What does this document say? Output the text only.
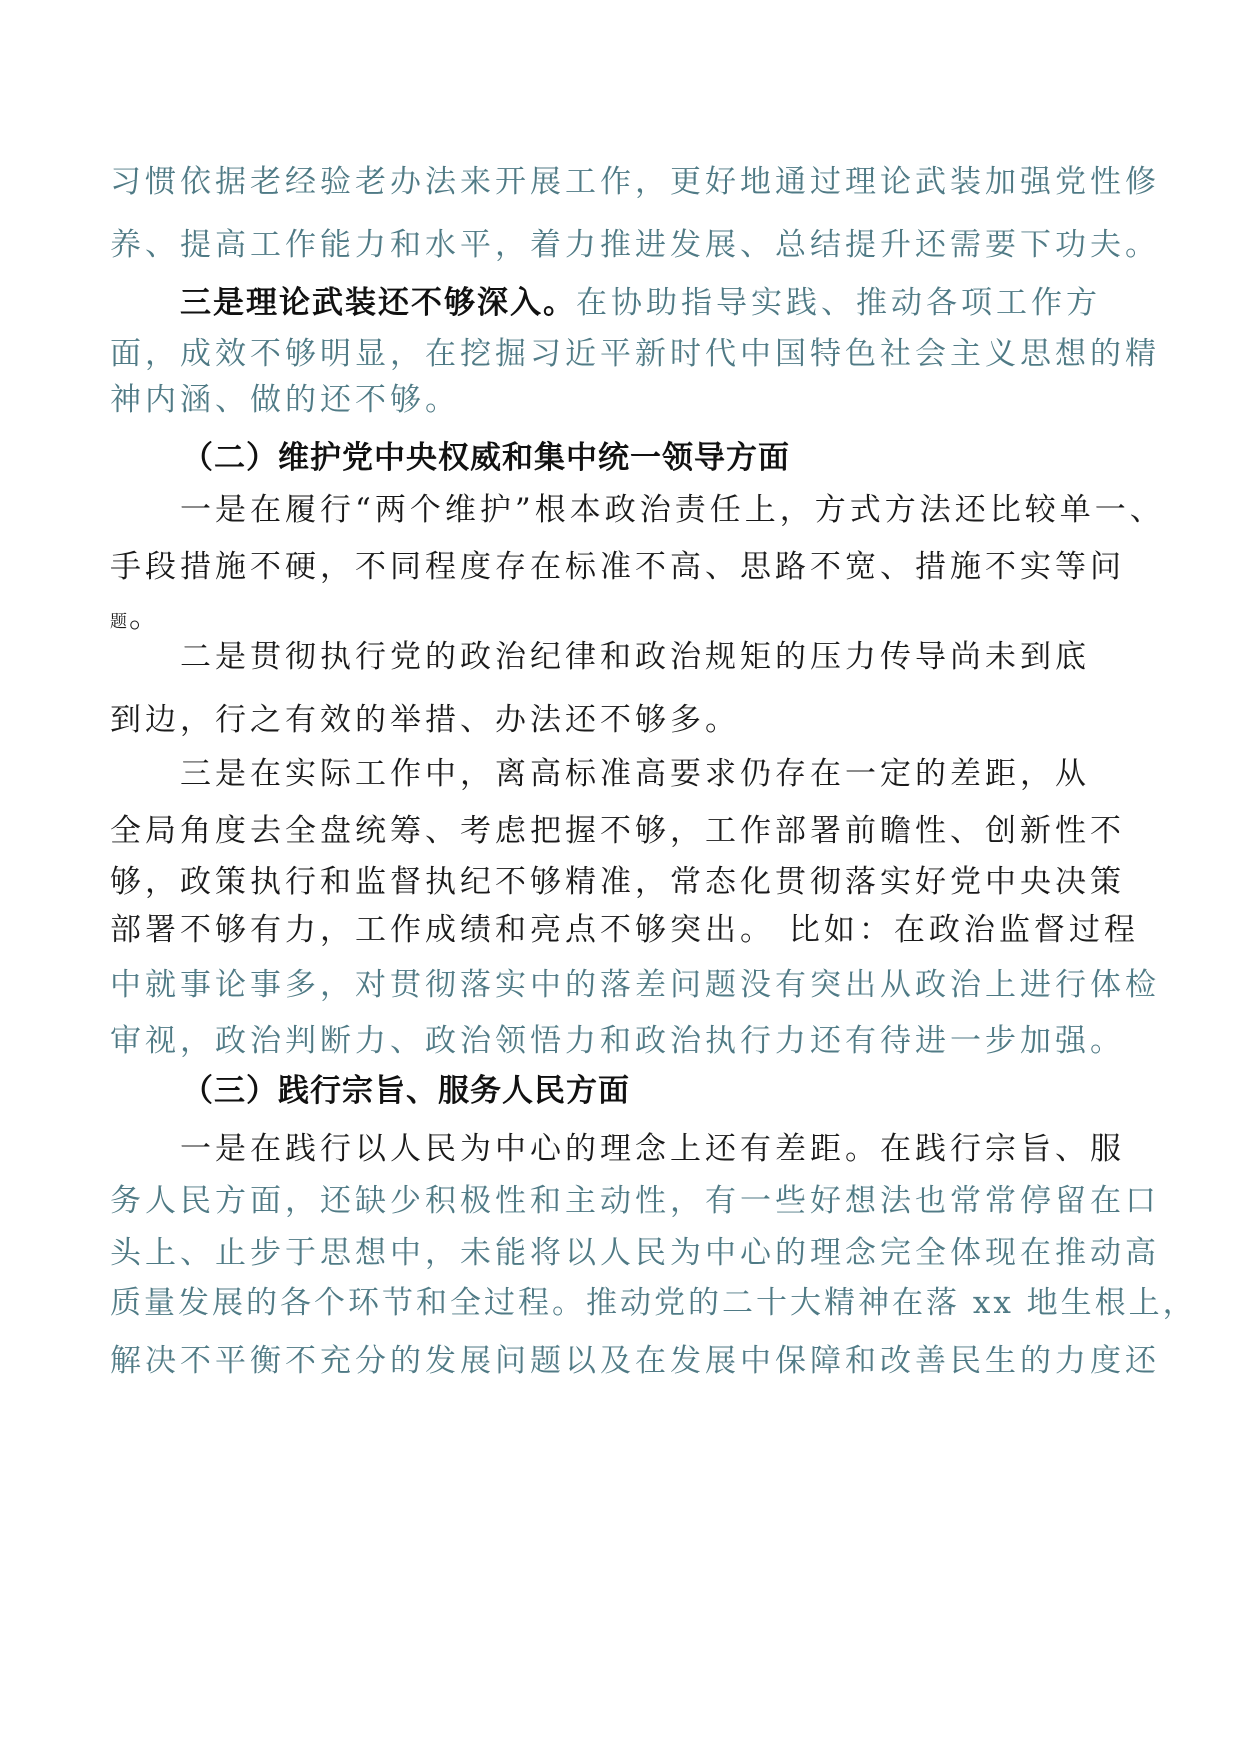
习惯依据老经验老办法来开展工作，更好地通过理论武装加强党性修
养、提高工作能力和水平，着力推进发展、总结提升还需要下功夫。
三是理论武装还不够深入。在协助指导实践、推动各项工作方
面，成效不够明显，在挖掘习近平新时代中国特色社会主义思想的精
神内涵、做的还不够。
（二）维护党中央权威和集中统一领导方面
一是在履行“两个维护”根本政治责任上，方式方法还比较单一、
手段措施不硬，不同程度存在标准不高、思路不宽、措施不实等问
题。
二是贯彻执行党的政治纪律和政治规矩的压力传导尚未到底
到边，行之有效的举措、办法还不够多。
三是在实际工作中，离高标准高要求仍存在一定的差距，从
全局角度去全盘统筹、考虑把握不够，工作部署前瞻性、创新性不
够，政策执行和监督执纪不够精准，常态化贯彻落实好党中央决策
部署不够有力，工作成绩和亮点不够突出。 比如：在政治监督过程
中就事论事多，对贯彻落实中的落差问题没有突出从政治上进行体检
审视，政治判断力、政治领悟力和政治执行力还有待进一步加强。
（三）践行宗旨、服务人民方面
一是在践行以人民为中心的理念上还有差距。在践行宗旨、服
务人民方面，还缺少积极性和主动性，有一些好想法也常常停留在口
头上、止步于思想中，未能将以人民为中心的理念完全体现在推动高
质量发展的各个环节和全过程。推动党的二十大精神在落 xx 地生根上，
解决不平衡不充分的发展问题以及在发展中保障和改善民生的力度还
